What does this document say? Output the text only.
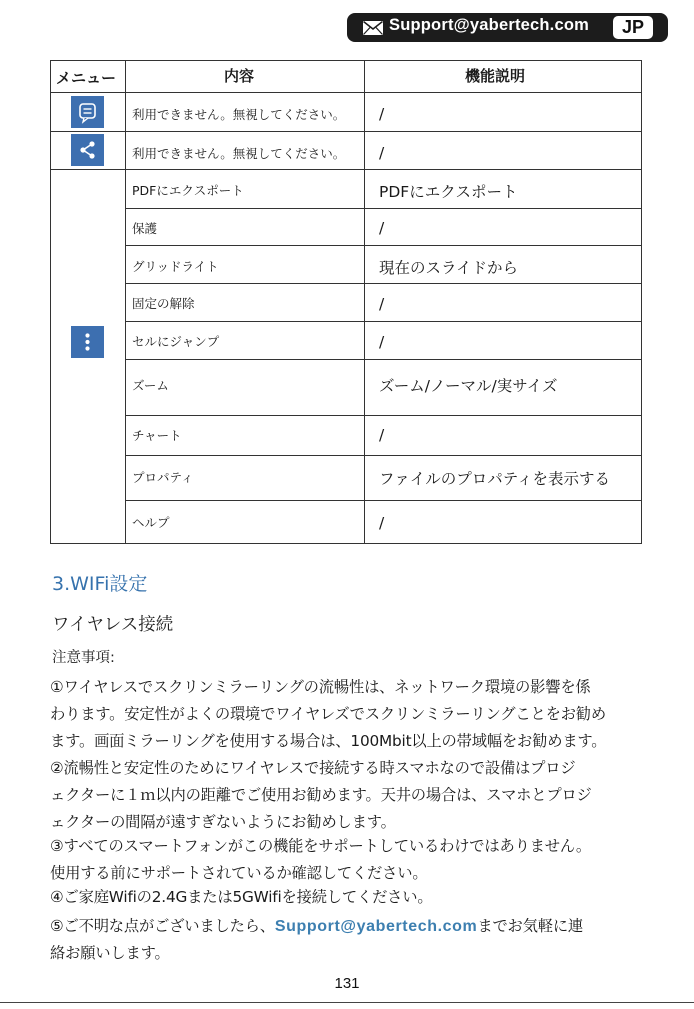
Support@yabertech.com	JP
メニュー	内容	機能説明
利用できません。無視してください。 /
利用できません。無視してください。 /
PDFにエクスポート	PDFにエクスポート
保護	/
グリッドライト	現在のスライドから
固定の解除	/
セルにジャンプ	/
ズーム	ズーム/ノーマル/実サイズ
チャート	/
プロパティ	ファイルのプロパティを表示する
ヘルプ	/
3.WIFi設定
ワイヤレス接続
注意事項:
①ワイヤレスでスクリンミラーリングの流暢性は、ネットワーク環境の影響を係
わります。安定性がよくの環境でワイヤレズでスクリンミラーリングことをお勧め
ます。画面ミラーリングを使用する場合は、100Mbit以上の帯域幅をお勧めます。
②流暢性と安定性のためにワイヤレスで接続する時スマホなので設備はプロジ
ェクターに１ｍ以内の距離でご使用お勧めます。天井の場合は、スマホとプロジ
ェクターの間隔が遠すぎないようにお勧めします。
③すべてのスマートフォンがこの機能をサポートしているわけではありません。
使用する前にサポートされているか確認してください。
④ご家庭Wifiの2.4Gまたは5GWifiを接続してください。
⑤ご不明な点がございましたら、Support@yabertech.comまでお気軽に連
絡お願いします。
131
